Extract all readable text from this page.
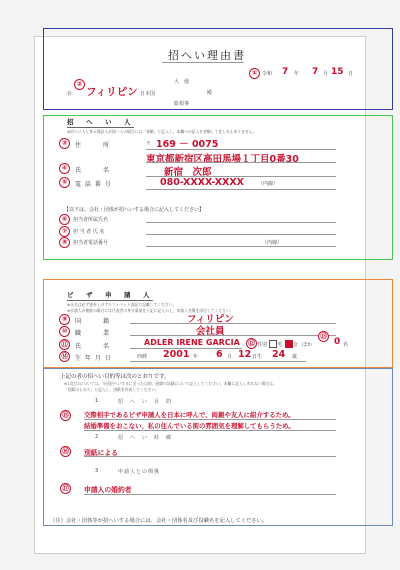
招へい理由書
① 令和 7 年 7 月 15 日
在
②
フィリピン 日本国
大　使
殿
総領事
招　へ　い　人
※招へい人と身元保証人が同一人の場合には「省略」と記入し、本欄への記入を省略して差し支えありません。
③	住　　　所	〒 169 － 0075
東京都新宿区高田馬場１丁目0番30
④	氏　　　名	新宿　次郎
⑤	電 話 番 号	080-XXXX-XXXX	（内線）
【以下は、会社・団体が招へいする場合に記入してください】
⑥	担当者所属氏名
⑦	担 当 者 氏 名
⑧	担当者電話番号	（内線）
ビ　ザ　申　請　人
※氏名は必ず旅券上のアルファベット表記で記載してください。
※申請人が複数の場合には代表者の身分事項を下記に記入の上、申請人名簿を添付してください。
⑨	国　　　籍	フィリピン
⑩	職　　　業	会社員
⑪	氏　　　名	ADLER IRENE GARCIA	⑫ 性別 男 女 ほか
⑬
0 名
⑭	生 年 月 日	西暦 2001 年 6 月 12 日生 24 歳
上記の者の招へい目的等は次のとおりです。
※1及び2については、今回招へいするに至った目的、経緯の詳細について記入してください。本欄に記入しきれない場合は、
「別紙のとおり」と記入し、別紙を作成してください。
1	招　へ　い　目　的
⑮	交際相手であるビザ申請人を日本に呼んで、両親や友人に紹介するため。
結婚準備をおこない、私の住んでいる街の雰囲気を理解してもらうため。
2	招　へ　い　経　緯
⑯	別紙による
3	申請人との関係
⑰	申請人の婚約者
（注）会社・団体等が招へいする場合には、会社・団体名及び役職名を記入してください。
